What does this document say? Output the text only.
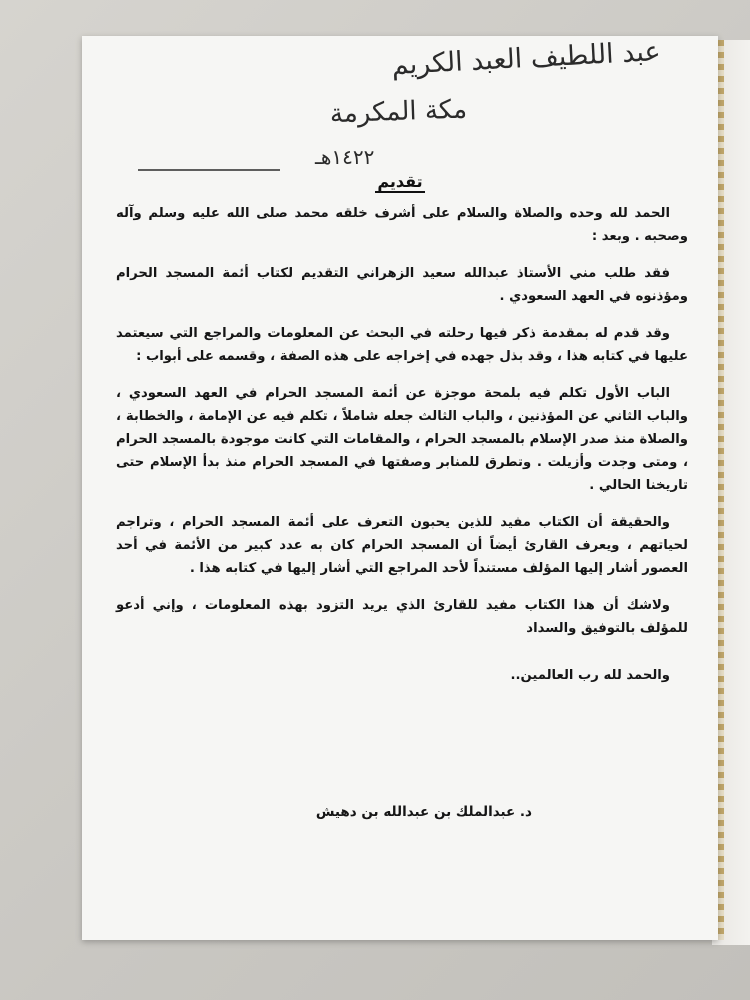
عبد اللطيف العبد الكريم
مكة المكرمة
١٤٢٢هـ
تقديم

الحمد لله وحده والصلاة والسلام على أشرف خلقه محمد صلى الله عليه وسلم وآله وصحبه . وبعد :

فقد طلب مني الأستاذ عبدالله سعيد الزهراني التقديم لكتاب أئمة المسجد الحرام ومؤذنوه في العهد السعودي .

وقد قدم له بمقدمة ذكر فيها رحلته في البحث عن المعلومات والمراجع التي سيعتمد عليها في كتابه هذا ، وقد بذل جهده في إخراجه على هذه الصفة ، وقسمه على أبواب :

الباب الأول تكلم فيه بلمحة موجزة عن أئمة المسجد الحرام في العهد السعودي ، والباب الثاني عن المؤذنين ، والباب الثالث جعله شاملاً ، تكلم فيه عن الإمامة ، والخطابة ، والصلاة منذ صدر الإسلام بالمسجد الحرام ، والمقامات التي كانت موجودة بالمسجد الحرام ، ومتى وجدت وأزيلت . وتطرق للمنابر وصفتها في المسجد الحرام منذ بدأ الإسلام حتى تاريخنا الحالي .

والحقيقة أن الكتاب مفيد للذين يحبون التعرف على أئمة المسجد الحرام ، وتراجم لحياتهم ، ويعرف القارئ أيضاً أن المسجد الحرام كان به عدد كبير من الأئمة في أحد العصور أشار إليها المؤلف مستنداً لأحد المراجع التي أشار إليها في كتابه هذا .

ولاشك أن هذا الكتاب مفيد للقارئ الذي يريد التزود بهذه المعلومات ، وإني أدعو للمؤلف بالتوفيق والسداد

والحمد لله رب العالمين..

د. عبدالملك بن عبدالله بن دهيش
